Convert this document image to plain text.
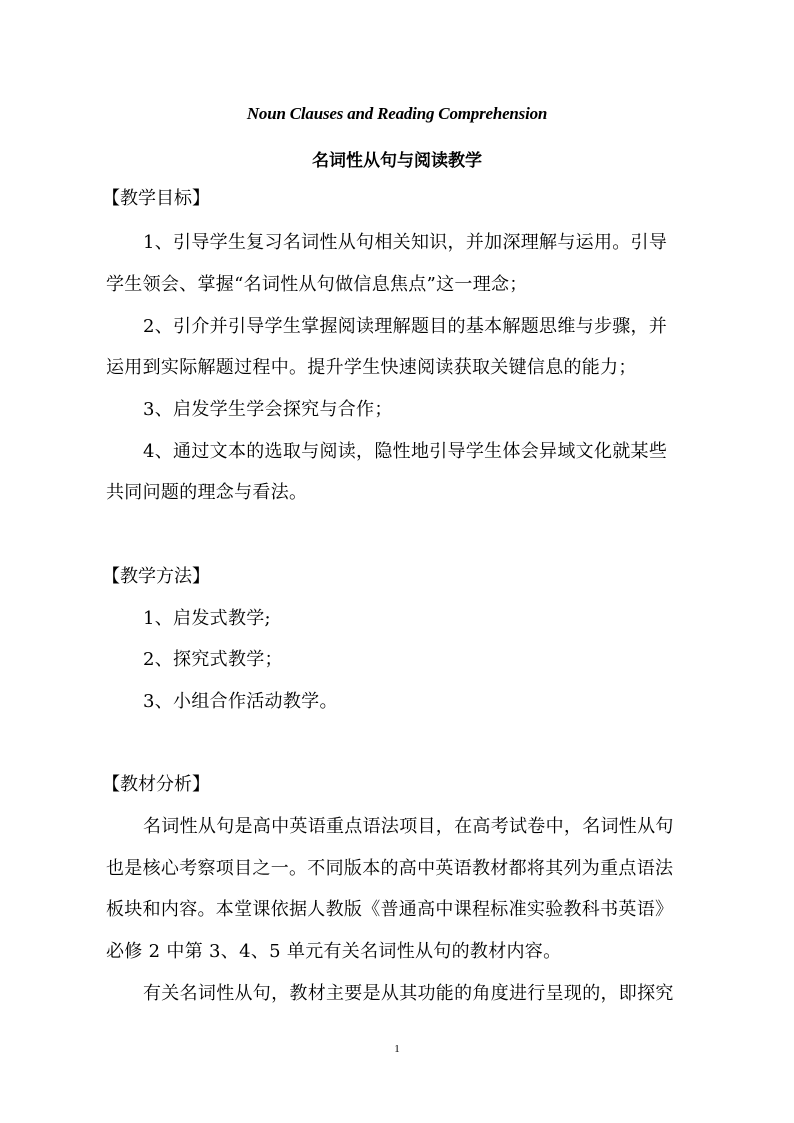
Noun Clauses and Reading Comprehension
名词性从句与阅读教学
【教学目标】
1、引导学生复习名词性从句相关知识，并加深理解与运用。引导
学生领会、掌握“名词性从句做信息焦点”这一理念；
2、引介并引导学生掌握阅读理解题目的基本解题思维与步骤，并
运用到实际解题过程中。提升学生快速阅读获取关键信息的能力；
3、启发学生学会探究与合作；
4、通过文本的选取与阅读，隐性地引导学生体会异域文化就某些
共同问题的理念与看法。
【教学方法】
1、启发式教学;
2、探究式教学；
3、小组合作活动教学。
【教材分析】
名词性从句是高中英语重点语法项目，在高考试卷中，名词性从句
也是核心考察项目之一。不同版本的高中英语教材都将其列为重点语法
板块和内容。本堂课依据人教版《普通高中课程标准实验教科书英语》
必修 2 中第 3、4、5 单元有关名词性从句的教材内容。
有关名词性从句，教材主要是从其功能的角度进行呈现的，即探究
1
